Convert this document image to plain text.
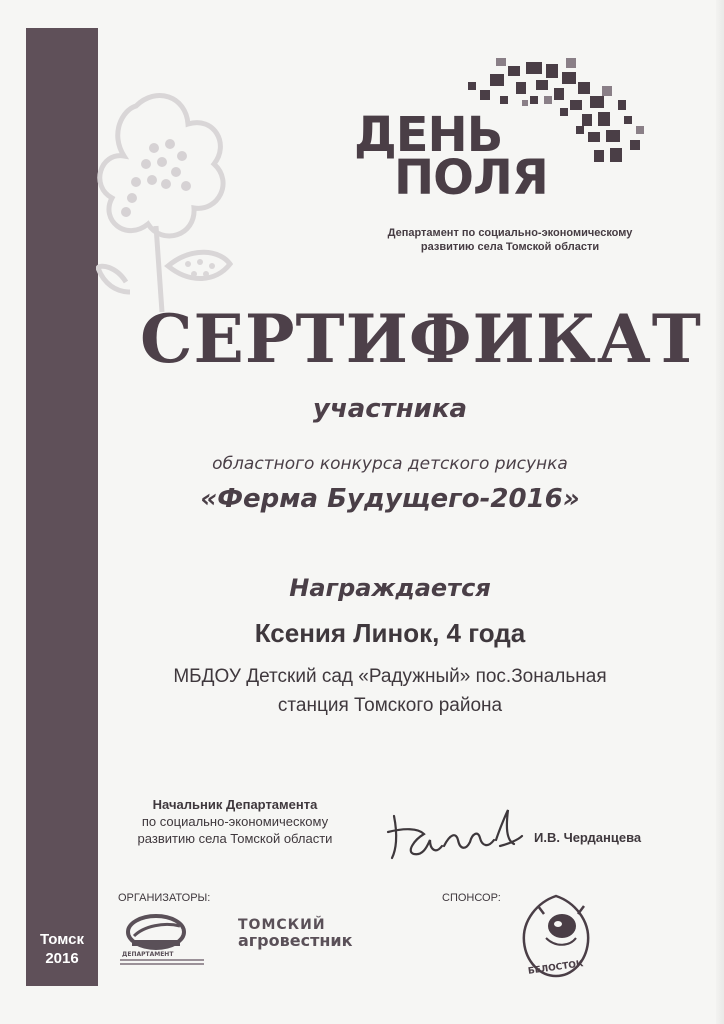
Томск
2016
ДЕНЬ
ПОЛЯ
Департамент по социально-экономическому
развитию села Томской области
СЕРТИФИКАТ
участника
областного конкурса детского рисунка
«Ферма Будущего-2016»
Награждается
Ксения Линок, 4 года
МБДОУ Детский сад «Радужный» пос.Зональная
станция Томского района
Начальник Департамента
по социально-экономическому
развитию села Томской области	И.В. Черданцева
ОРГАНИЗАТОРЫ:	СПОНСОР:
ДЕПАРТАМЕНТ
ТОМСКИЙ
агровестник
БЕЛОСТОК
